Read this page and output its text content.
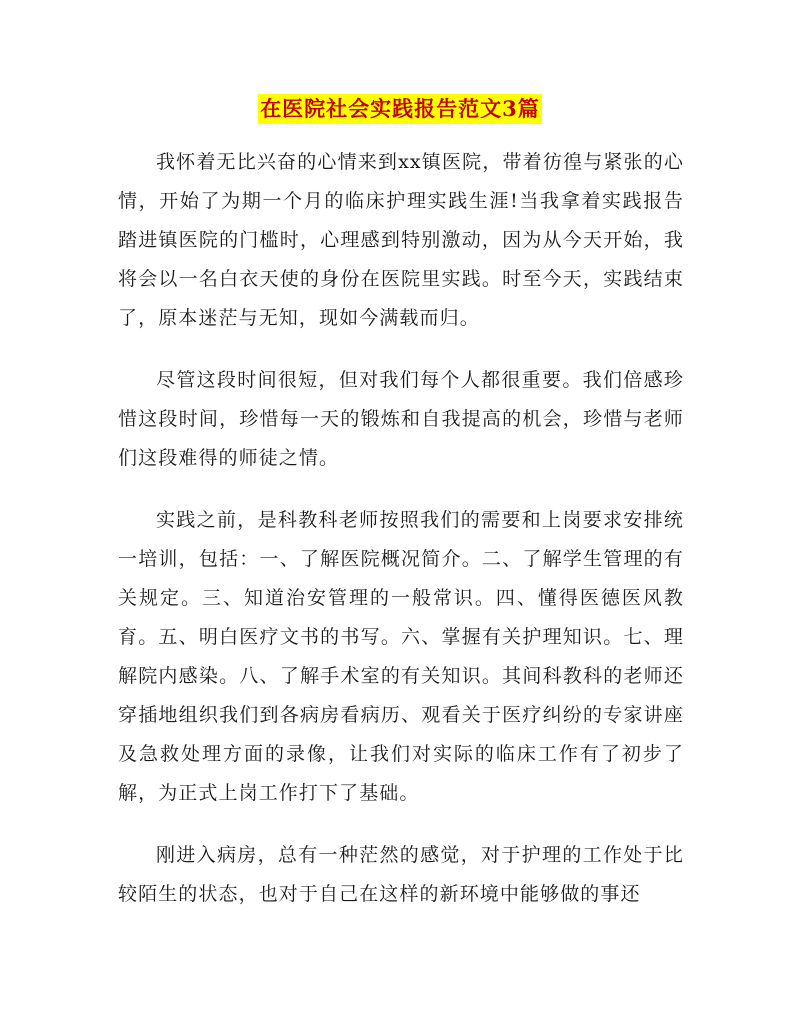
在医院社会实践报告范文3篇

我怀着无比兴奋的心情来到xx镇医院，带着彷徨与紧张的心情，开始了为期一个月的临床护理实践生涯!当我拿着实践报告踏进镇医院的门槛时，心理感到特别激动，因为从今天开始，我将会以一名白衣天使的身份在医院里实践。时至今天，实践结束了，原本迷茫与无知，现如今满载而归。

尽管这段时间很短，但对我们每个人都很重要。我们倍感珍惜这段时间，珍惜每一天的锻炼和自我提高的机会，珍惜与老师们这段难得的师徒之情。

实践之前，是科教科老师按照我们的需要和上岗要求安排统一培训，包括：一、了解医院概况简介。二、了解学生管理的有关规定。三、知道治安管理的一般常识。四、懂得医德医风教育。五、明白医疗文书的书写。六、掌握有关护理知识。七、理解院内感染。八、了解手术室的有关知识。其间科教科的老师还穿插地组织我们到各病房看病历、观看关于医疗纠纷的专家讲座及急救处理方面的录像，让我们对实际的临床工作有了初步了解，为正式上岗工作打下了基础。

刚进入病房，总有一种茫然的感觉，对于护理的工作处于比较陌生的状态，也对于自己在这样的新环境中能够做的事还
